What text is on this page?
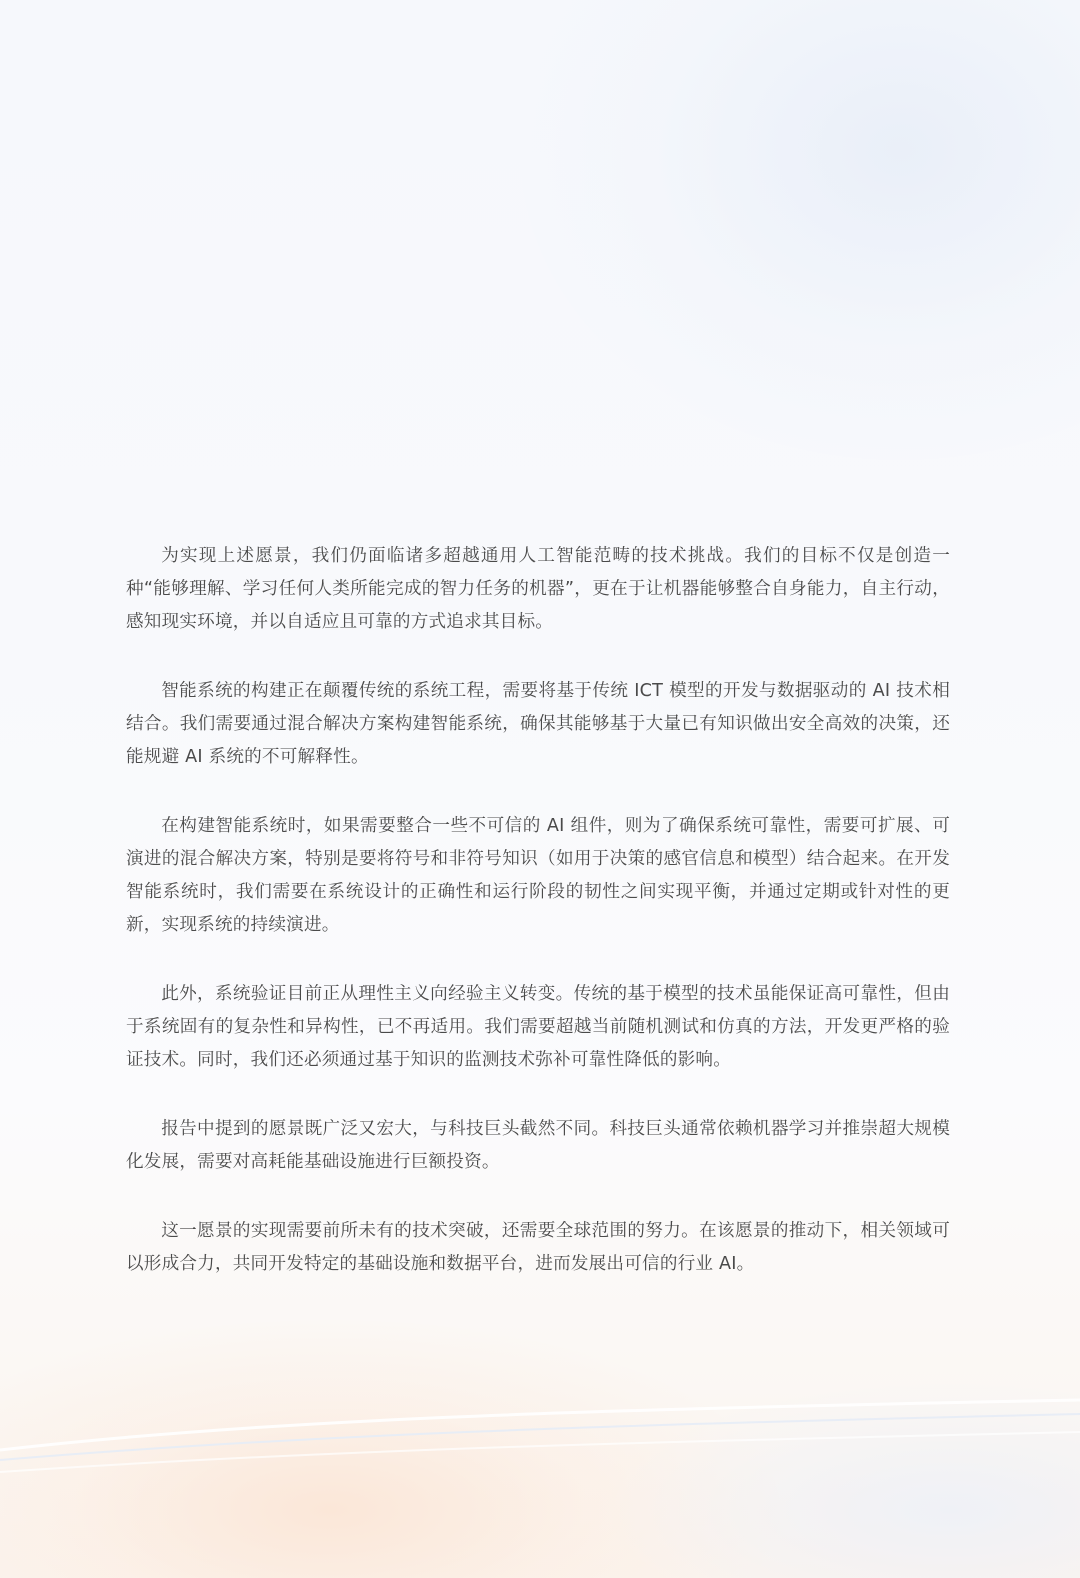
为实现上述愿景，我们仍面临诸多超越通用人工智能范畴的技术挑战。我们的目标不仅是创造一种“能够理解、学习任何人类所能完成的智力任务的机器”，更在于让机器能够整合自身能力，自主行动，感知现实环境，并以自适应且可靠的方式追求其目标。

智能系统的构建正在颠覆传统的系统工程，需要将基于传统 ICT 模型的开发与数据驱动的 AI 技术相结合。我们需要通过混合解决方案构建智能系统，确保其能够基于大量已有知识做出安全高效的决策，还能规避 AI 系统的不可解释性。

在构建智能系统时，如果需要整合一些不可信的 AI 组件，则为了确保系统可靠性，需要可扩展、可演进的混合解决方案，特别是要将符号和非符号知识（如用于决策的感官信息和模型）结合起来。在开发智能系统时，我们需要在系统设计的正确性和运行阶段的韧性之间实现平衡，并通过定期或针对性的更新，实现系统的持续演进。

此外，系统验证目前正从理性主义向经验主义转变。传统的基于模型的技术虽能保证高可靠性，但由于系统固有的复杂性和异构性，已不再适用。我们需要超越当前随机测试和仿真的方法，开发更严格的验证技术。同时，我们还必须通过基于知识的监测技术弥补可靠性降低的影响。

报告中提到的愿景既广泛又宏大，与科技巨头截然不同。科技巨头通常依赖机器学习并推崇超大规模化发展，需要对高耗能基础设施进行巨额投资。

这一愿景的实现需要前所未有的技术突破，还需要全球范围的努力。在该愿景的推动下，相关领域可以形成合力，共同开发特定的基础设施和数据平台，进而发展出可信的行业 AI。
